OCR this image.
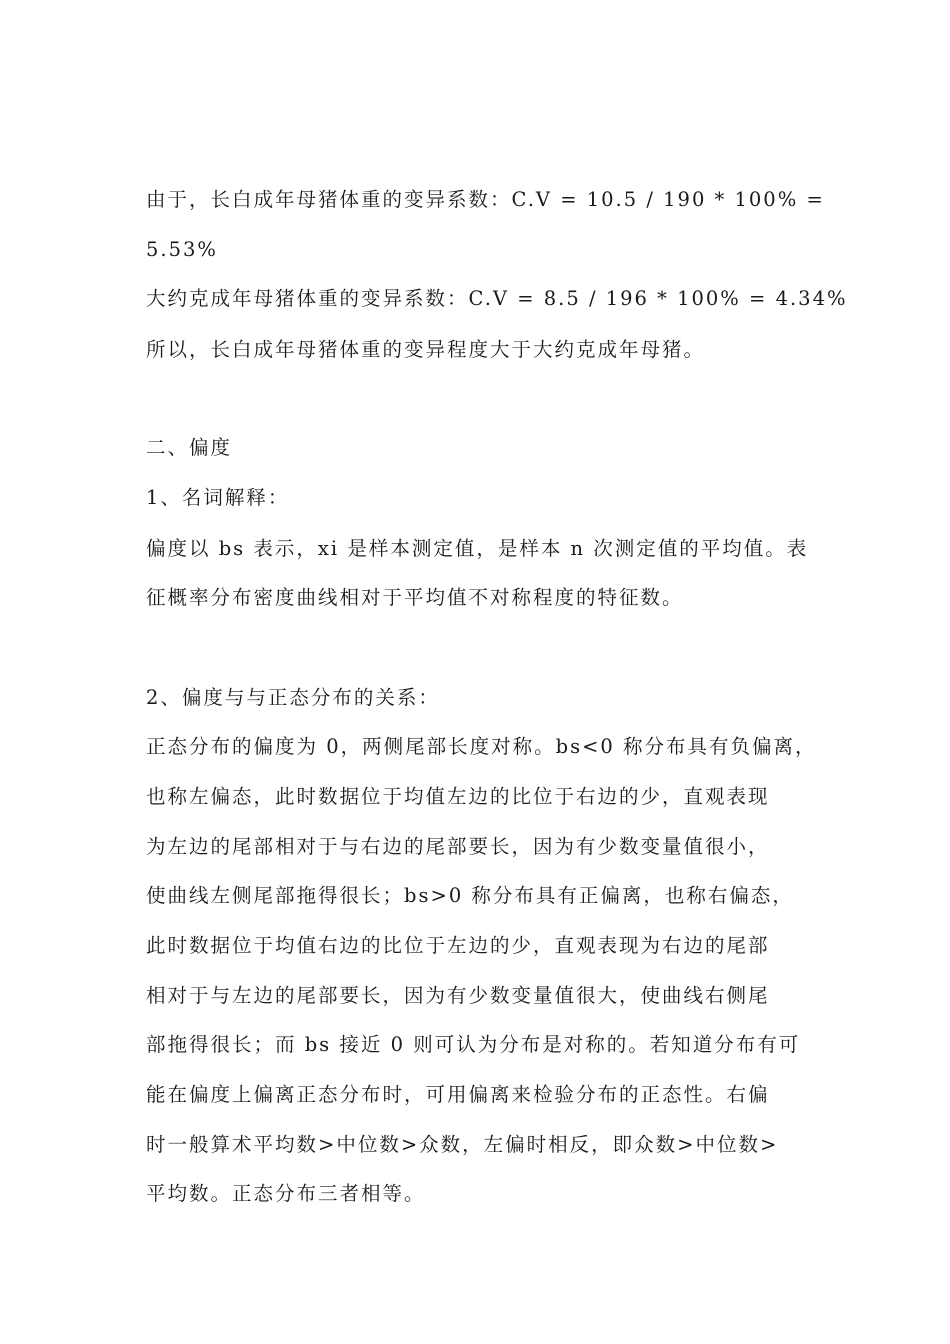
由于，长白成年母猪体重的变异系数：C.V = 10.5 / 190 * 100% =
5.53%
大约克成年母猪体重的变异系数：C.V = 8.5 / 196 * 100% = 4.34%
所以，长白成年母猪体重的变异程度大于大约克成年母猪。
二、偏度
1、名词解释：
偏度以 bs 表示，xi 是样本测定值，是样本 n 次测定值的平均值。表
征概率分布密度曲线相对于平均值不对称程度的特征数。
2、偏度与与正态分布的关系：
正态分布的偏度为 0，两侧尾部长度对称。bs<0 称分布具有负偏离，
也称左偏态，此时数据位于均值左边的比位于右边的少，直观表现
为左边的尾部相对于与右边的尾部要长，因为有少数变量值很小，
使曲线左侧尾部拖得很长；bs>0 称分布具有正偏离，也称右偏态，
此时数据位于均值右边的比位于左边的少，直观表现为右边的尾部
相对于与左边的尾部要长，因为有少数变量值很大，使曲线右侧尾
部拖得很长；而 bs 接近 0 则可认为分布是对称的。若知道分布有可
能在偏度上偏离正态分布时，可用偏离来检验分布的正态性。右偏
时一般算术平均数>中位数>众数，左偏时相反，即众数>中位数>
平均数。正态分布三者相等。
